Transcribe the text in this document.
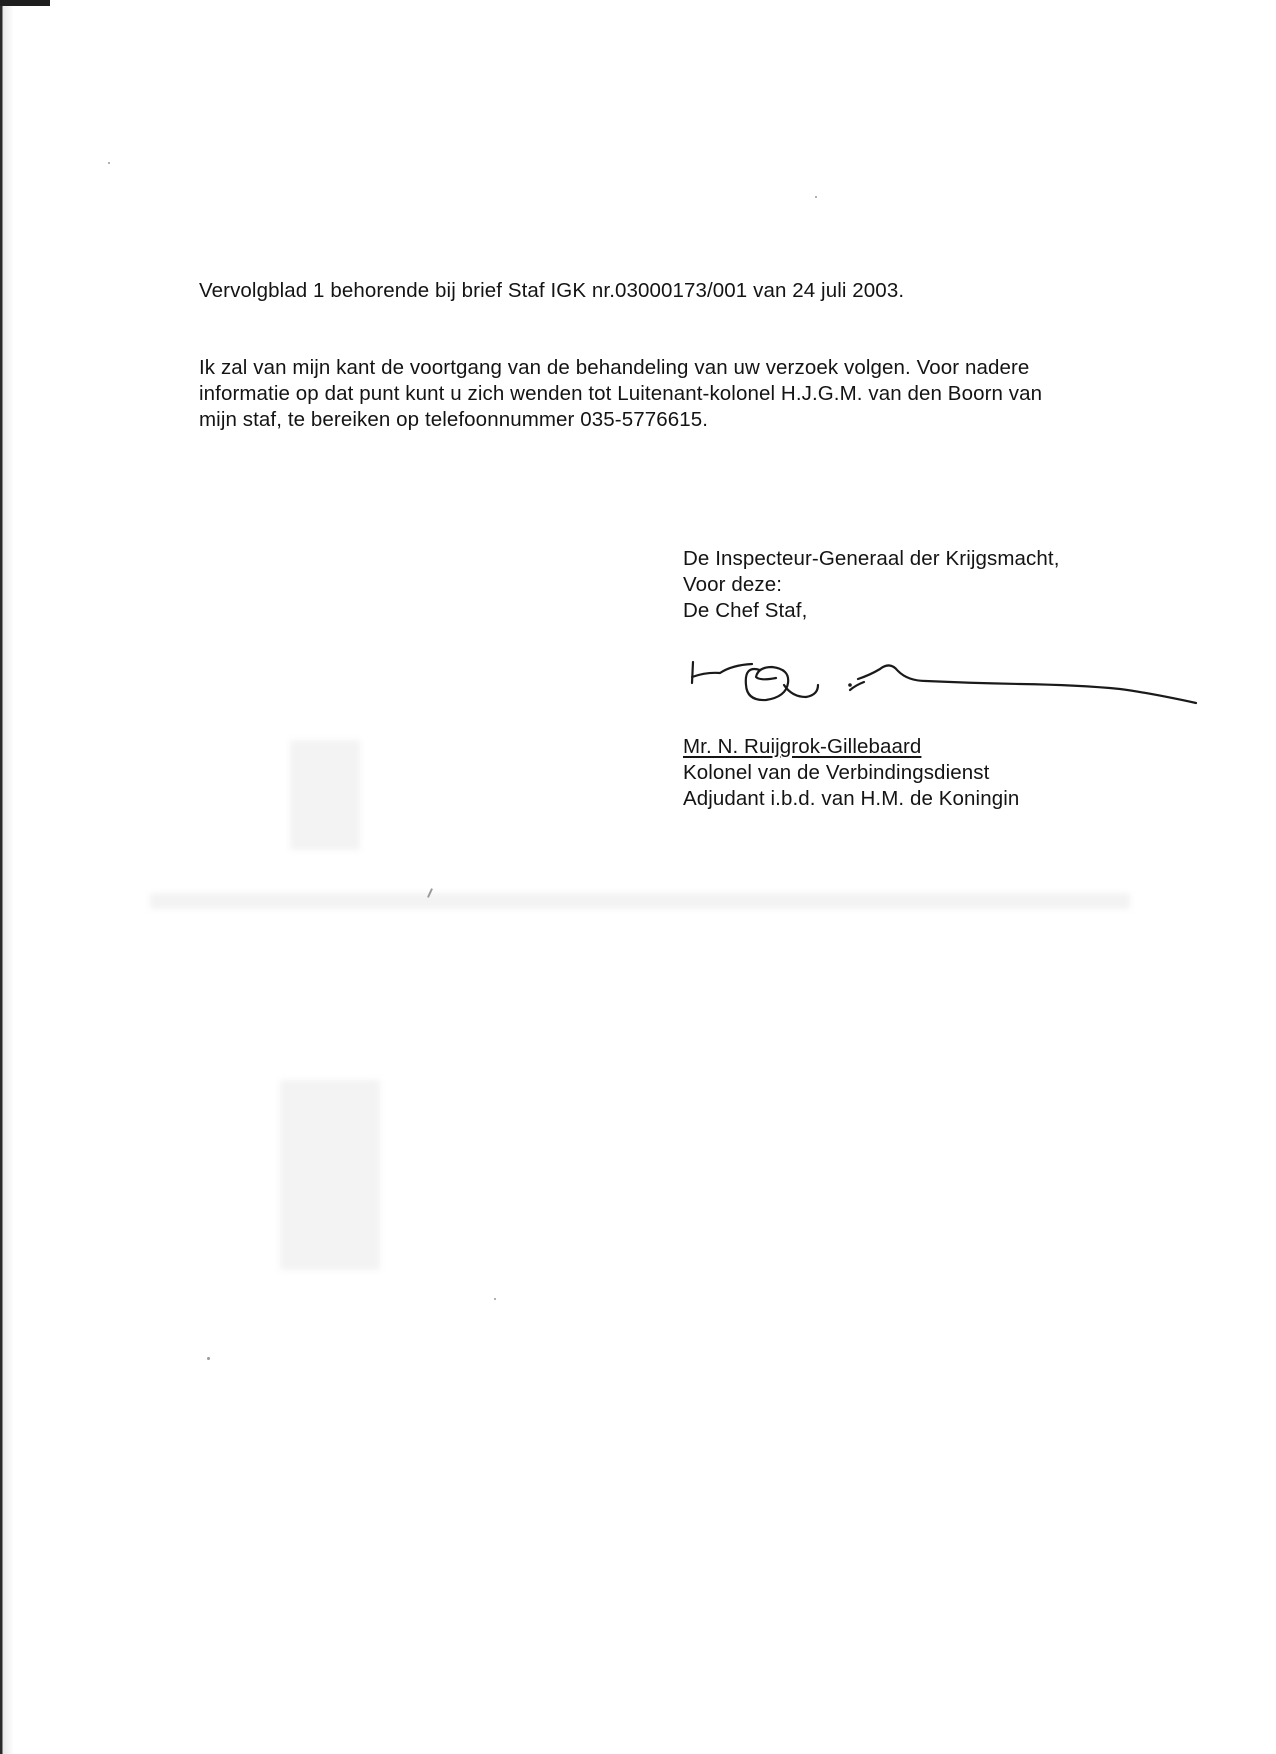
Vervolgblad 1 behorende bij brief Staf IGK nr.03000173/001 van 24 juli 2003.
Ik zal van mijn kant de voortgang van de behandeling van uw verzoek volgen. Voor nadere
informatie op dat punt kunt u zich wenden tot Luitenant-kolonel H.J.G.M. van den Boorn van
mijn staf, te bereiken op telefoonnummer 035-5776615.
De Inspecteur-Generaal der Krijgsmacht,
Voor deze:
De Chef Staf,
Mr. N. Ruijgrok-Gillebaard
Kolonel van de Verbindingsdienst
Adjudant i.b.d. van H.M. de Koningin
